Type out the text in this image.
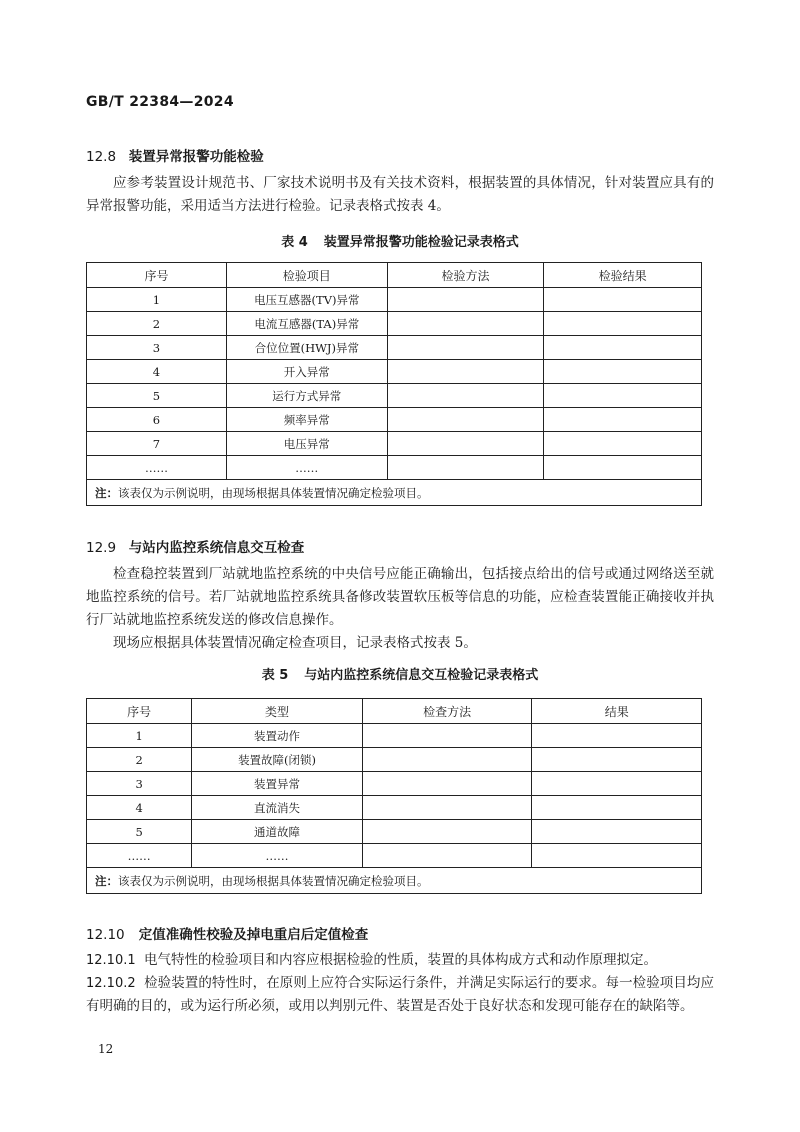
GB/T 22384—2024
12.8 装置异常报警功能检验
应参考装置设计规范书、厂家技术说明书及有关技术资料，根据装置的具体情况，针对装置应具有的异常报警功能，采用适当方法进行检验。记录表格式按表 4。
表 4 装置异常报警功能检验记录表格式
序号	检验项目	检验方法	检验结果
1	电压互感器(TV)异常		
2	电流互感器(TA)异常		
3	合位位置(HWJ)异常		
4	开入异常		
5	运行方式异常		
6	频率异常		
7	电压异常		
……	……		
注：该表仅为示例说明，由现场根据具体装置情况确定检验项目。			
12.9 与站内监控系统信息交互检查
检查稳控装置到厂站就地监控系统的中央信号应能正确输出，包括接点给出的信号或通过网络送至就地监控系统的信号。若厂站就地监控系统具备修改装置软压板等信息的功能，应检查装置能正确接收并执行厂站就地监控系统发送的修改信息操作。
现场应根据具体装置情况确定检查项目，记录表格式按表 5。
表 5 与站内监控系统信息交互检验记录表格式
序号	类型	检查方法	结果
1	装置动作		
2	装置故障(闭锁)		
3	装置异常		
4	直流消失		
5	通道故障		
……	……		
注：该表仅为示例说明，由现场根据具体装置情况确定检验项目。			
12.10 定值准确性校验及掉电重启后定值检查
12.10.1 电气特性的检验项目和内容应根据检验的性质，装置的具体构成方式和动作原理拟定。
12.10.2 检验装置的特性时，在原则上应符合实际运行条件，并满足实际运行的要求。每一检验项目均应有明确的目的，或为运行所必须，或用以判别元件、装置是否处于良好状态和发现可能存在的缺陷等。
12
